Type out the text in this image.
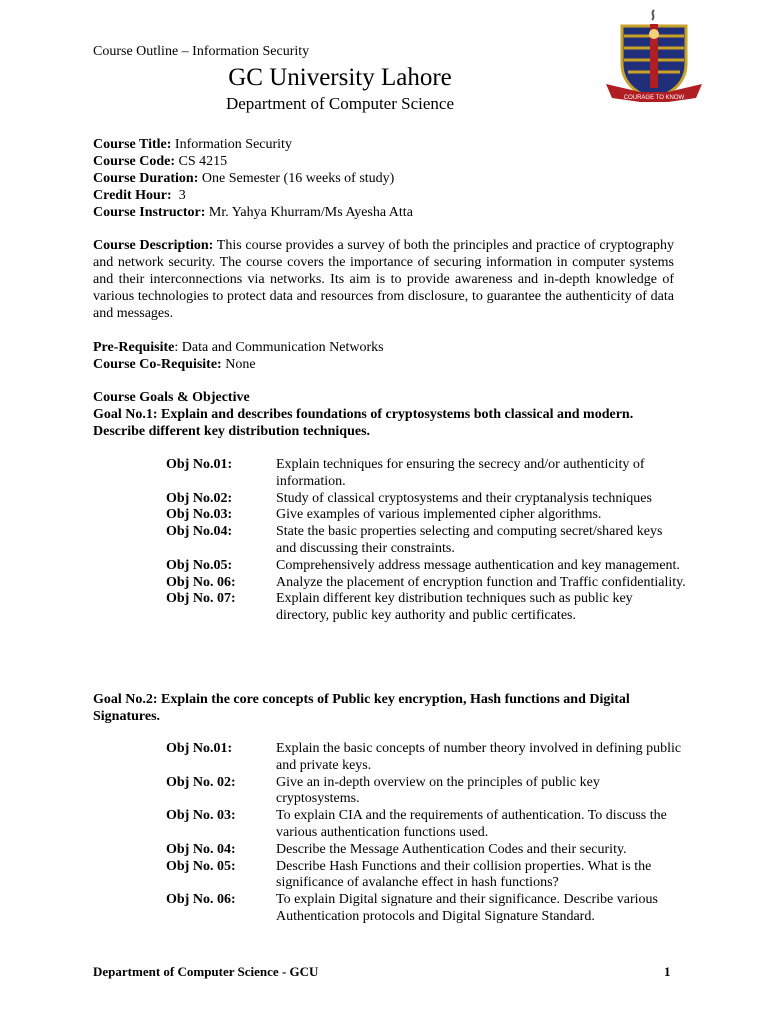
Course Outline – Information Security
GC University Lahore
Department of Computer Science	COURAGE TO KNOW
Course Title: Information Security
Course Code: CS 4215
Course Duration: One Semester (16 weeks of study)
Credit Hour: 3
Course Instructor: Mr. Yahya Khurram/Ms Ayesha Atta

Course Description: This course provides a survey of both the principles and practice of cryptography and network security. The course covers the importance of securing information in computer systems and their interconnections via networks. Its aim is to provide awareness and in-depth knowledge of various technologies to protect data and resources from disclosure, to guarantee the authenticity of data and messages.

Pre-Requisite: Data and Communication Networks
Course Co-Requisite: None
Course Goals & Objective

Goal No.1: Explain and describes foundations of cryptosystems both classical and modern. Describe different key distribution techniques.

Obj No.01:	Explain techniques for ensuring the secrecy and/or authenticity of information.
Obj No.02:	Study of classical cryptosystems and their cryptanalysis techniques
Obj No.03:	Give examples of various implemented cipher algorithms.
Obj No.04:	State the basic properties selecting and computing secret/shared keys and discussing their constraints.
Obj No.05:	Comprehensively address message authentication and key management.
Obj No. 06:	Analyze the placement of encryption function and Traffic confidentiality.
Obj No. 07:	Explain different key distribution techniques such as public key directory, public key authority and public certificates.

Goal No.2: Explain the core concepts of Public key encryption, Hash functions and Digital Signatures.

Obj No.01:	Explain the basic concepts of number theory involved in defining public and private keys.
Obj No. 02:	Give an in-depth overview on the principles of public key cryptosystems.
Obj No. 03:	To explain CIA and the requirements of authentication. To discuss the various authentication functions used.
Obj No. 04:	Describe the Message Authentication Codes and their security.
Obj No. 05:	Describe Hash Functions and their collision properties. What is the significance of avalanche effect in hash functions?
Obj No. 06:	To explain Digital signature and their significance. Describe various Authentication protocols and Digital Signature Standard.
Department of Computer Science - GCU	1
